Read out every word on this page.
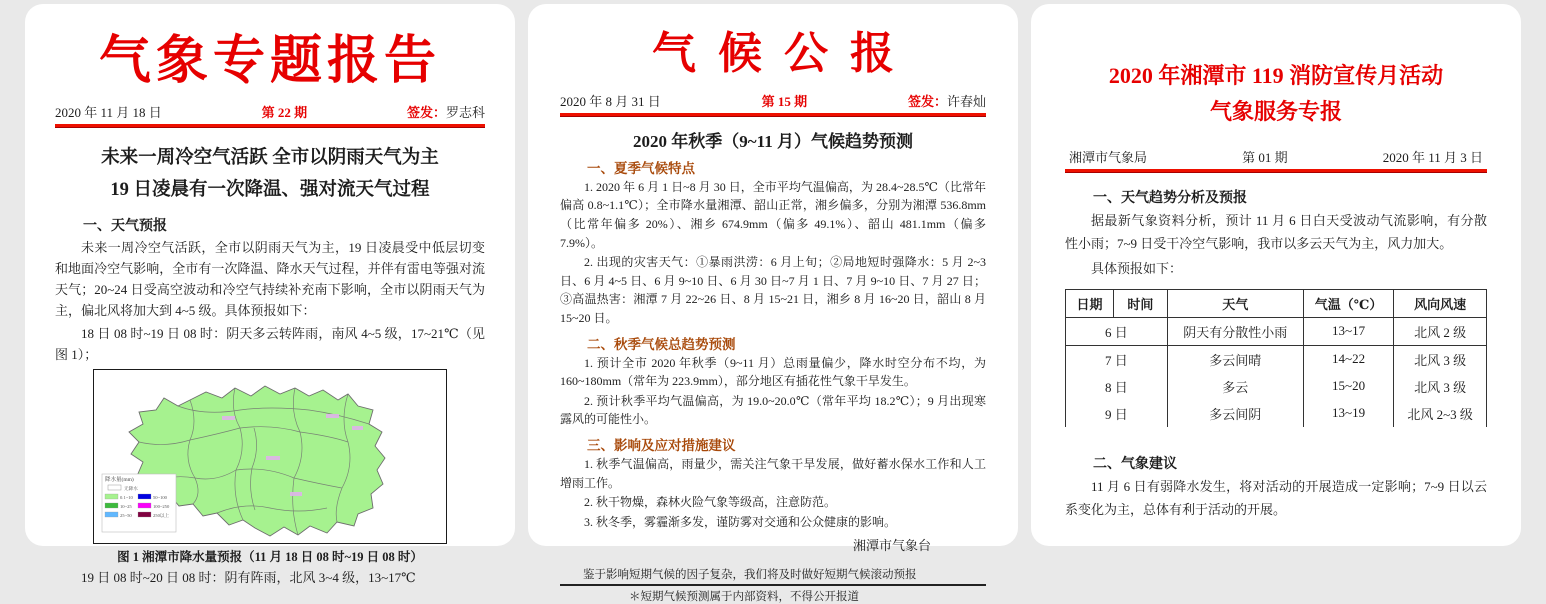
气象专题报告
2020 年 11 月 18 日	第 22 期	签发：罗志科
未来一周冷空气活跃 全市以阴雨天气为主
19 日凌晨有一次降温、强对流天气过程
一、天气预报
未来一周冷空气活跃，全市以阴雨天气为主，19 日凌晨受中低层切变和地面冷空气影响，全市有一次降温、降水天气过程，并伴有雷电等强对流天气；20~24 日受高空波动和冷空气持续补充南下影响，全市以阴雨天气为主，偏北风将加大到 4~5 级。具体预报如下：
18 日 08 时~19 日 08 时：阴天多云转阵雨，南风 4~5 级，17~21℃（见图 1）；
降水量(mm)
无降水
0.1~10
10~25
25~50
50~100
100~250
250以上
图 1 湘潭市降水量预报（11 月 18 日 08 时~19 日 08 时）
19 日 08 时~20 日 08 时：阴有阵雨，北风 3~4 级，13~17℃
气候公报
2020 年 8 月 31 日	第 15 期	签发：许春灿
2020 年秋季（9~11 月）气候趋势预测
一、夏季气候特点
1. 2020 年 6 月 1 日~8 月 30 日，全市平均气温偏高，为 28.4~28.5℃（比常年偏高 0.8~1.1℃）；全市降水量湘潭、韶山正常，湘乡偏多，分别为湘潭 536.8mm（比常年偏多 20%）、湘乡 674.9mm（偏多 49.1%）、韶山 481.1mm（偏多 7.9%）。
2. 出现的灾害天气：①暴雨洪涝：6 月上旬；②局地短时强降水：5 月 2~3 日、6 月 4~5 日、6 月 9~10 日、6 月 30 日~7 月 1 日、7 月 9~10 日、7 月 27 日；③高温热害：湘潭 7 月 22~26 日、8 月 15~21 日，湘乡 8 月 16~20 日，韶山 8 月 15~20 日。
二、秋季气候总趋势预测
1. 预计全市 2020 年秋季（9~11 月）总雨量偏少，降水时空分布不均，为 160~180mm（常年为 223.9mm），部分地区有插花性气象干旱发生。
2. 预计秋季平均气温偏高，为 19.0~20.0℃（常年平均 18.2℃）；9 月出现寒露风的可能性小。
三、影响及应对措施建议
1. 秋季气温偏高，雨量少，需关注气象干旱发展，做好蓄水保水工作和人工增雨工作。
2. 秋干物燥，森林火险气象等级高，注意防范。
3. 秋冬季，雾霾渐多发，谨防雾对交通和公众健康的影响。
湘潭市气象台
鉴于影响短期气候的因子复杂，我们将及时做好短期气候滚动预报
＊短期气候预测属于内部资料，不得公开报道
2020 年湘潭市 119 消防宣传月活动
气象服务专报
湘潭市气象局	第 01 期	2020 年 11 月 3 日
一、天气趋势分析及预报
据最新气象资料分析，预计 11 月 6 日白天受波动气流影响，有分散性小雨；7~9 日受干冷空气影响，我市以多云天气为主，风力加大。
具体预报如下：
日期	时间	天气	气温（℃）	风向风速
6 日		阴天有分散性小雨	13~17	北风 2 级
7 日		多云间晴	14~22	北风 3 级
8 日		多云	15~20	北风 3 级
9 日		多云间阴	13~19	北风 2~3 级
二、气象建议
11 月 6 日有弱降水发生，将对活动的开展造成一定影响；7~9 日以云系变化为主，总体有利于活动的开展。
